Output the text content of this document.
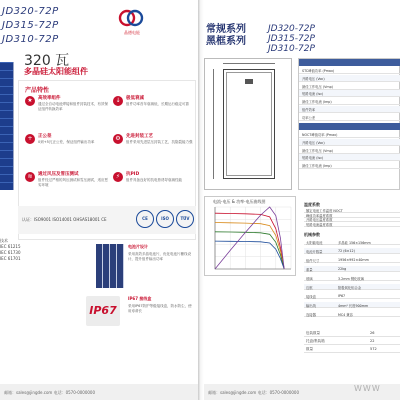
JD320-72P
JD315-72P
JD310-72P
晶德电能
320 瓦
多晶硅太阳能组件
产品特性
★	高效率组件
通过全自动电池焊接和组件封装技术，有效保证组件转换效率
↓	极低衰减
组件功率首年衰减低，长期运行稳定可靠
+	正公差
0到+5瓦正公差，保证组件输出功率	⚙	先进封装工艺
组件采用先进层压封装工艺，抗隐裂能力强
≋	通过风压及雪压测试
组件经过严格的风压测试和雪压测试，适应恶劣环境
⚡	抗PID
组件具备良好的抗电势诱导衰减性能
认证：ISO9001 ISO14001 OHSAS18001 CE	CE	ISO	TÜV
技术
IEC 61215
IEC 61730
IEC 61701
电池片设计
采用高效多晶电池片，优化电池片栅线设计，提升组件输出功率
IP67
IP67 接线盒
采用IP67防护等级接线盒，防水防尘，使用寿命长
邮箱：sales@jingde.com 电话：0570-0000000
常规系列
黑框系列
JD320-72P
JD315-72P
JD310-72P
STC峰值功率 (Pmax)
开路电压 (Voc)
最佳工作电压 (Vmp)
短路电流 (Isc)
最佳工作电流 (Imp)
组件效率
功率公差
NOCT峰值功率 (Pmax)
开路电压 (Voc)
最佳工作电压 (Vmp)
短路电流 (Isc)
最佳工作电流 (Imp)
电流-电压 & 功率-电压曲线图
温度系数
额定电池工作温度 NOCT
峰值功率温度系数
开路电压温度系数
短路电流温度系数
机械参数
太阳能电池	多晶硅 156×156mm
电池片数量	72 (6×12)
组件尺寸	1956×992×40mm
重量	22kg
玻璃	3.2mm 钢化玻璃
边框	阳极氧化铝合金
接线盒	IP67
输出线	4mm² 长度900mm
连接器	MC4 兼容
包装数量	26
托盘/集装箱	22
数量	572
邮箱：sales@jingde.com 电话：0570-0000000	WWW
